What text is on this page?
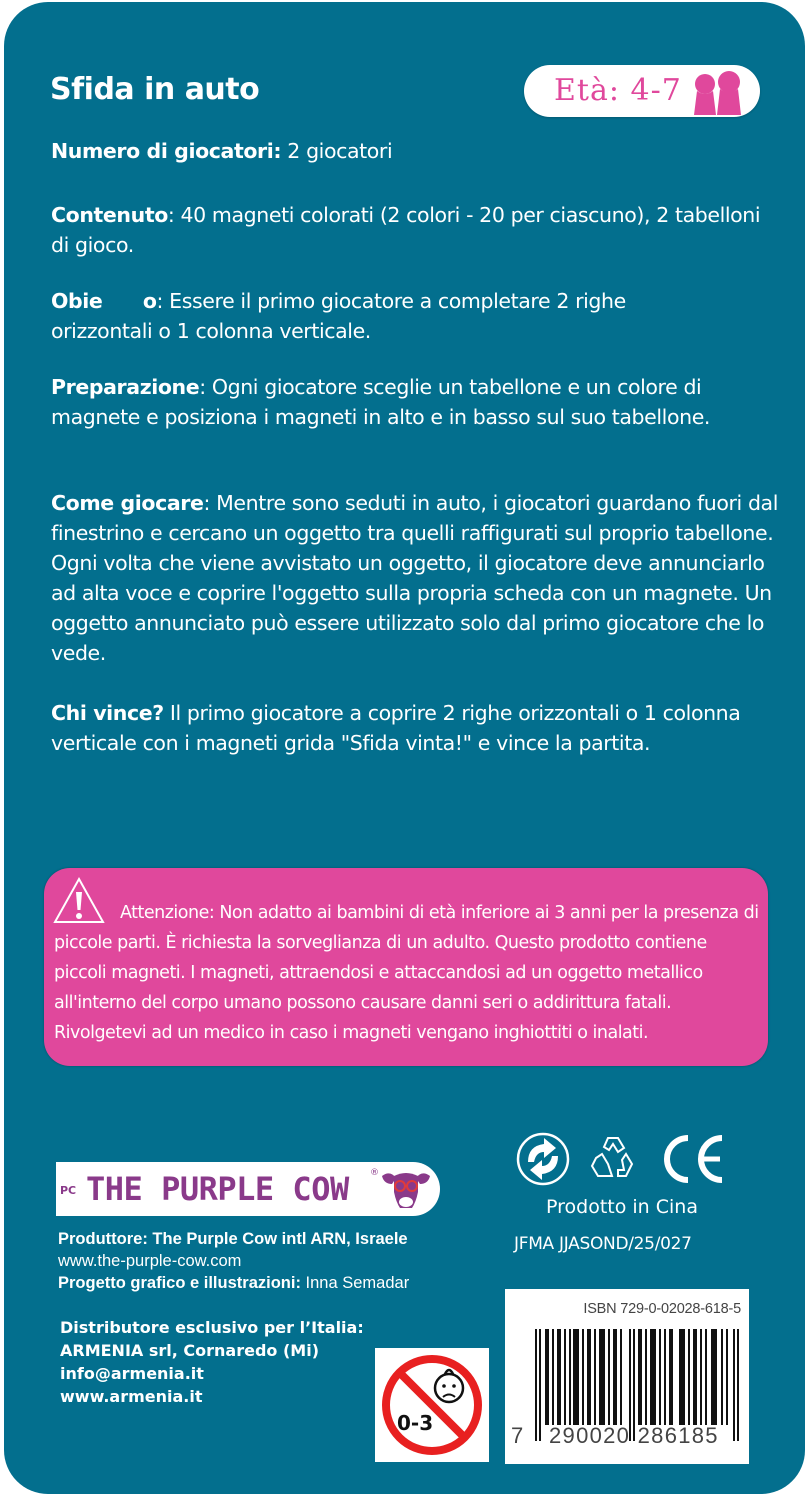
Sfida in auto	Età: 4-7
Numero di giocatori: 2 giocatori
Contenuto: 40 magneti colorati (2 colori - 20 per ciascuno), 2 tabelloni di gioco.
Obie      o: Essere il primo giocatore a completare 2 righe orizzontali o 1 colonna verticale.
Preparazione: Ogni giocatore sceglie un tabellone e un colore di magnete e posiziona i magneti in alto e in basso sul suo tabellone.
Come giocare: Mentre sono seduti in auto, i giocatori guardano fuori dal finestrino e cercano un oggetto tra quelli raffigurati sul proprio tabellone. Ogni volta che viene avvistato un oggetto, il giocatore deve annunciarlo ad alta voce e coprire l'oggetto sulla propria scheda con un magnete. Un oggetto annunciato può essere utilizzato solo dal primo giocatore che lo vede.
Chi vince? Il primo giocatore a coprire 2 righe orizzontali o 1 colonna verticale con i magneti grida "Sfida vinta!" e vince la partita.
Attenzione: Non adatto ai bambini di età inferiore ai 3 anni per la presenza di piccole parti. È richiesta la sorveglianza di un adulto. Questo prodotto contiene piccoli magneti. I magneti, attraendosi e attaccandosi ad un oggetto metallico all'interno del corpo umano possono causare danni seri o addirittura fatali. Rivolgetevi ad un medico in caso i magneti vengano inghiottiti o inalati.
PC THE PURPLE COW ®
Produttore: The Purple Cow intl ARN, Israele
www.the-purple-cow.com
Progetto grafico e illustrazioni: Inna Semadar
Distributore esclusivo per l’Italia:
ARMENIA srl, Cornaredo (Mi)
info@armenia.it
www.armenia.it
Prodotto in Cina
JFMA JJASOND/25/027
0-3
ISBN 729-0-02028-618-5
7 290020 286185
